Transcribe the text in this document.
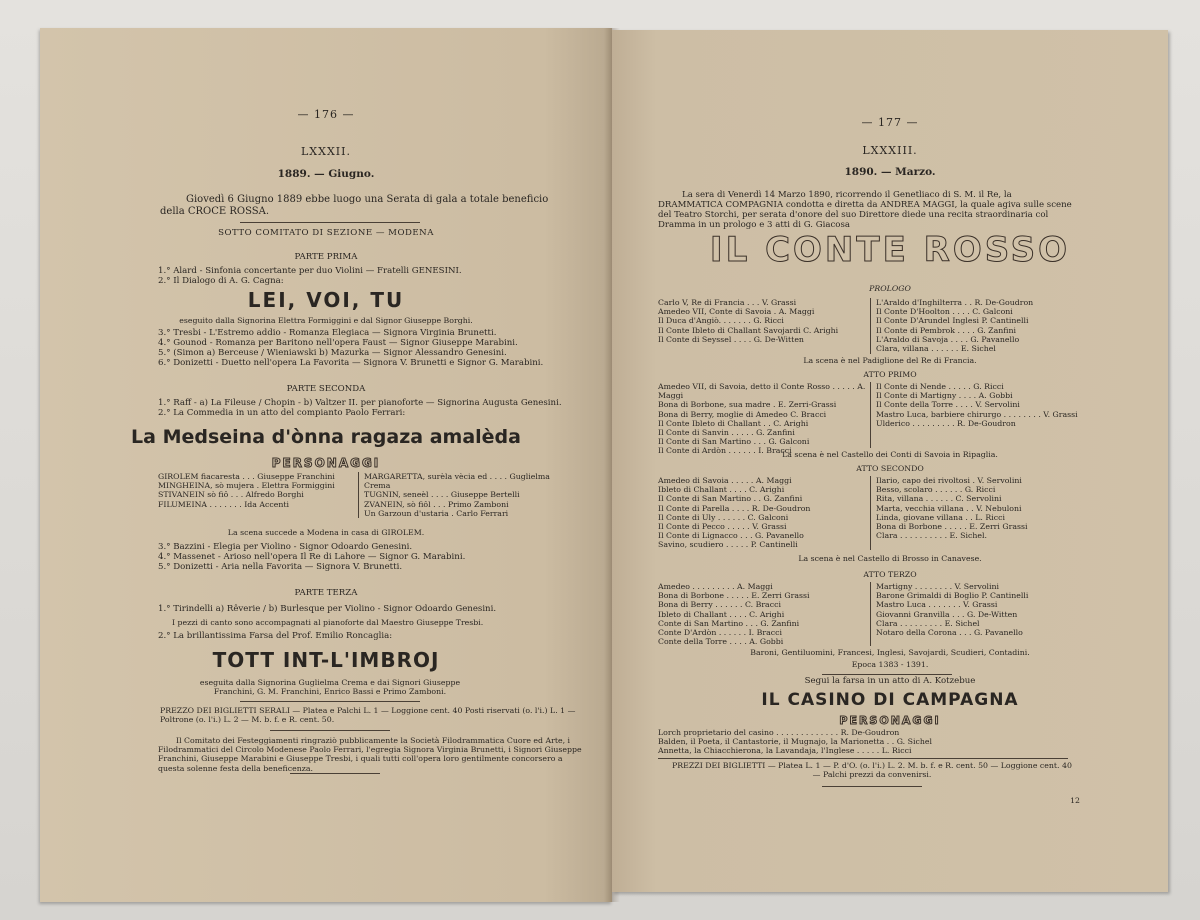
— 176 —
LXXXII.
1889. — Giugno.
Giovedì 6 Giugno 1889 ebbe luogo una Serata di gala a totale beneficio della CROCE ROSSA.
SOTTO COMITATO DI SEZIONE — MODENA
PARTE PRIMA
1.° Alard - Sinfonia concertante per duo Violini — Fratelli GENESINI.
2.° Il Dialogo di A. G. Cagna:
LEI, VOI, TU
eseguito dalla Signorina Elettra Formiggini e dal Signor Giuseppe Borghi.
3.° Tresbi - L'Estremo addio - Romanza Elegiaca — Signora Virginia Brunetti.
4.° Gounod - Romanza per Baritono nell'opera Faust — Signor Giuseppe Marabini.
5.° (Simon a) Berceuse / Wieniawski b) Mazurka — Signor Alessandro Genesini.
6.° Donizetti - Duetto nell'opera La Favorita — Signora V. Brunetti e Signor G. Marabini.
PARTE SECONDA
1.° Raff - a) La Fileuse / Chopin - b) Valtzer II. per pianoforte — Signorina Augusta Genesini.
2.° La Commedia in un atto del compianto Paolo Ferrari:
La Medseina d'ònna ragaza amalèda
PERSONAGGI
GIROLEM fiacaresta . . . Giuseppe Franchini
MINGHEINA, sò mujera . Elettra Formiggini
STIVANEIN sò fiô . . . Alfredo Borghi
FILUMEINA . . . . . . . Ida Accenti
MARGARETTA, surèla vècia ed . . . . Guglielma Crema
TUGNIN, seneèl . . . . Giuseppe Bertelli
ZVANEIN, sò fiôl . . . Primo Zamboni
Un Garzoun d'ustaria . Carlo Ferrari
La scena succede a Modena in casa di GIROLEM.
3.° Bazzini - Elegia per Violino - Signor Odoardo Genesini.
4.° Massenet - Arioso nell'opera Il Re di Lahore — Signor G. Marabini.
5.° Donizetti - Aria nella Favorita — Signora V. Brunetti.
PARTE TERZA
1.° Tirindelli a) Rêverie / b) Burlesque per Violino - Signor Odoardo Genesini.
I pezzi di canto sono accompagnati al pianoforte dal Maestro Giuseppe Tresbi.
2.° La brillantissima Farsa del Prof. Emilio Roncaglia:
TOTT INT-L'IMBROJ
eseguita dalla Signorina Guglielma Crema e dai Signori Giuseppe Franchini, G. M. Franchini, Enrico Bassi e Primo Zamboni.
PREZZO DEI BIGLIETTI SERALI — Platea e Palchi L. 1 — Loggione cent. 40 Posti riservati (o. l'i.) L. 1 — Poltrone (o. l'i.) L. 2 — M. b. f. e R. cent. 50.
Il Comitato dei Festeggiamenti ringraziò pubblicamente la Società Filodrammatica Cuore ed Arte, i Filodrammatici del Circolo Modenese Paolo Ferrari, l'egregia Signora Virginia Brunetti, i Signori Giuseppe Franchini, Giuseppe Marabini e Giuseppe Tresbi, i quali tutti coll'opera loro gentilmente concorsero a questa solenne festa della beneficenza.
— 177 —
LXXXIII.
1890. — Marzo.
La sera di Venerdì 14 Marzo 1890, ricorrendo il Genetliaco di S. M. il Re, la DRAMMATICA COMPAGNIA condotta e diretta da ANDREA MAGGI, la quale agiva sulle scene del Teatro Storchi, per serata d'onore del suo Direttore diede una recita straordinaria col Dramma in un prologo e 3 atti di G. Giacosa
IL CONTE ROSSO
PROLOGO
Carlo V, Re di Francia . . . V. Grassi
Amedeo VII, Conte di Savoia . A. Maggi
Il Duca d'Angiò. . . . . . . G. Ricci
Il Conte Ibleto di Challant Savojardi C. Arighi
Il Conte di Seyssel . . . . G. De-Witten
L'Araldo d'Inghilterra . . R. De-Goudron
Il Conte D'Hoolton . . . . C. Galconi
Il Conte D'Arundel Inglesi P. Cantinelli
Il Conte di Pembrok . . . . G. Zanfini
L'Araldo di Savoja . . . . G. Pavanello
Clara, villana . . . . . . E. Sichel
La scena è nel Padiglione del Re di Francia.
ATTO PRIMO
Amedeo VII, di Savoia, detto il Conte Rosso . . . . . A. Maggi
Bona di Borbone, sua madre . E. Zerri-Grassi
Bona di Berry, moglie di Amedeo C. Bracci
Il Conte Ibleto di Challant . . C. Arighi
Il Conte di Sanvin . . . . . G. Zanfini
Il Conte di San Martino . . . G. Galconi
Il Conte di Ardòn . . . . . . I. Bracci
Il Conte di Nende . . . . . G. Ricci
Il Conte di Martigny . . . . A. Gobbi
Il Conte della Torre . . . . V. Servolini
Mastro Luca, barbiere chirurgo . . . . . . . . V. Grassi
Ulderico . . . . . . . . . R. De-Goudron
La scena è nel Castello dei Conti di Savoia in Ripaglia.
ATTO SECONDO
Amedeo di Savoia . . . . . A. Maggi
Ibleto di Challant . . . . C. Arighi
Il Conte di San Martino . . G. Zanfini
Il Conte di Parella . . . . R. De-Goudron
Il Conte di Uly . . . . . . C. Galconi
Il Conte di Pecco . . . . . V. Grassi
Il Conte di Lignacco . . . G. Pavanello
Savino, scudiero . . . . . P. Cantinelli
Ilario, capo dei rivoltosi . V. Servolini
Besso, scolaro . . . . . . G. Ricci
Rita, villana . . . . . . C. Servolini
Marta, vecchia villana . . V. Nebuloni
Linda, giovane villana . . L. Ricci
Bona di Borbone . . . . . E. Zerri Grassi
Clara . . . . . . . . . . E. Sichel.
La scena è nel Castello di Brosso in Canavese.
ATTO TERZO
Amedeo . . . . . . . . . A. Maggi
Bona di Borbone . . . . . E. Zerri Grassi
Bona di Berry . . . . . . C. Bracci
Ibleto di Challant . . . . C. Arighi
Conte di San Martino . . . G. Zanfini
Conte D'Ardòn . . . . . . I. Bracci
Conte della Torre . . . . A. Gobbi
Martigny . . . . . . . . V. Servolini
Barone Grimaldi di Boglio P. Cantinelli
Mastro Luca . . . . . . . V. Grassi
Giovanni Granvilla . . . G. De-Witten
Clara . . . . . . . . . E. Sichel
Notaro della Corona . . . G. Pavanello
Baroni, Gentiluomini, Francesi, Inglesi, Savojardi, Scudieri, Contadini.
Epoca 1383 - 1391.
Segui la farsa in un atto di A. Kotzebue
IL CASINO DI CAMPAGNA
PERSONAGGI
Lorch proprietario del casino . . . . . . . . . . . . . R. De-Goudron
Balden, il Poeta, il Cantastorie, il Mugnajo, la Marionetta . . G. Sichel
Annetta, la Chiacchierona, la Lavandaja, l'Inglese . . . . . L. Ricci
PREZZI DEI BIGLIETTI — Platea L. 1 — P. d'O. (o. l'i.) L. 2. M. b. f. e R. cent. 50 — Loggione cent. 40 — Palchi prezzi da convenirsi.
12
